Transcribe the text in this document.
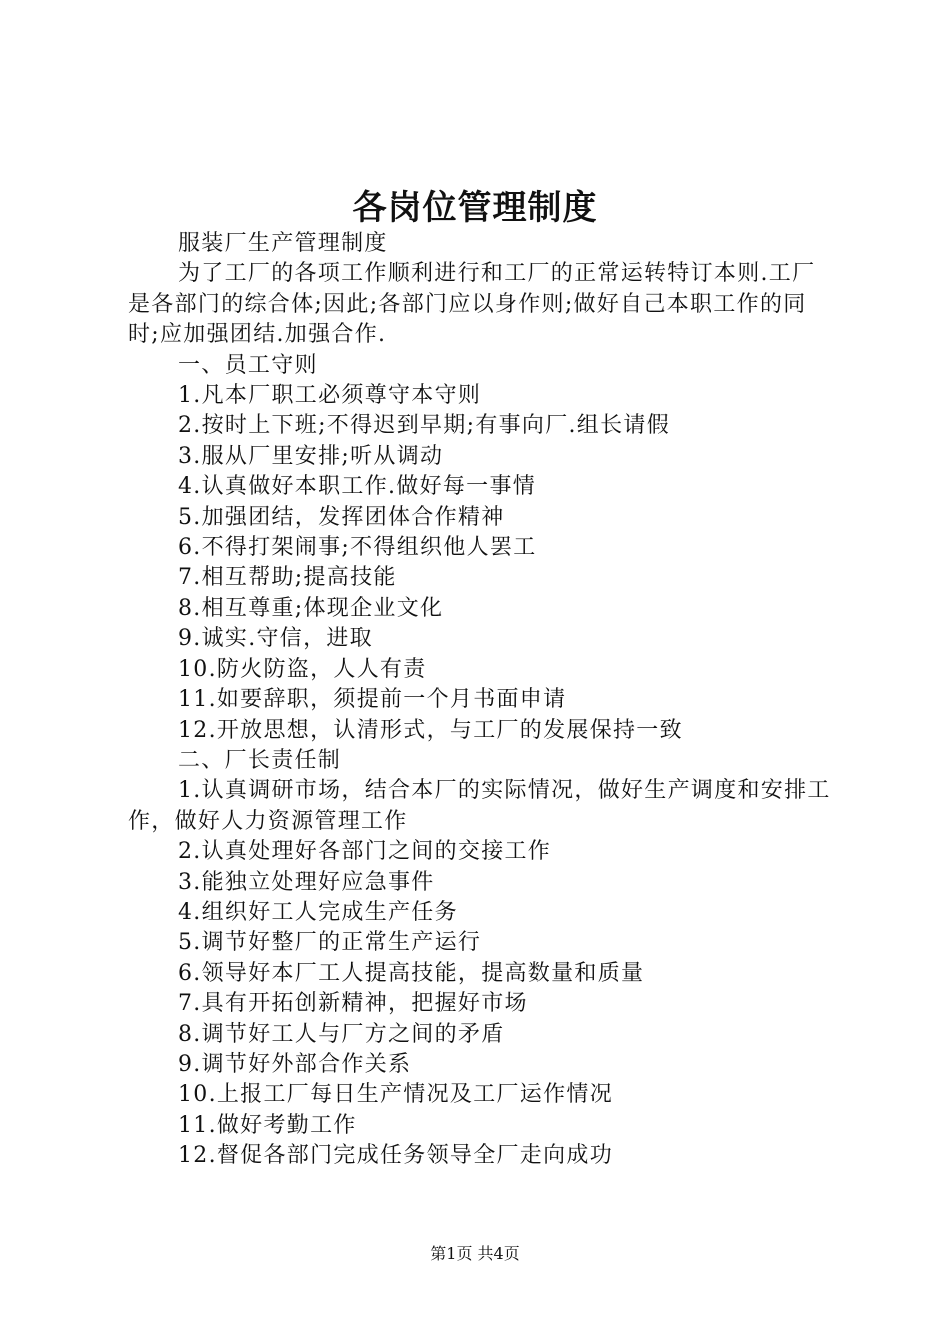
各岗位管理制度

服装厂生产管理制度

为了工厂的各项工作顺利进行和工厂的正常运转特订本则.工厂是各部门的综合体;因此;各部门应以身作则;做好自己本职工作的同时;应加强团结.加强合作.

一、员工守则

1.凡本厂职工必须尊守本守则

2.按时上下班;不得迟到早期;有事向厂.组长请假

3.服从厂里安排;听从调动

4.认真做好本职工作.做好每一事情

5.加强团结，发挥团体合作精神

6.不得打架闹事;不得组织他人罢工

7.相互帮助;提高技能

8.相互尊重;体现企业文化

9.诚实.守信，进取

10.防火防盗，人人有责

11.如要辞职，须提前一个月书面申请

12.开放思想，认清形式，与工厂的发展保持一致

二、厂长责任制

1.认真调研市场，结合本厂的实际情况，做好生产调度和安排工作，做好人力资源管理工作

2.认真处理好各部门之间的交接工作

3.能独立处理好应急事件

4.组织好工人完成生产任务

5.调节好整厂的正常生产运行

6.领导好本厂工人提高技能，提高数量和质量

7.具有开拓创新精神，把握好市场

8.调节好工人与厂方之间的矛盾

9.调节好外部合作关系

10.上报工厂每日生产情况及工厂运作情况

11.做好考勤工作

12.督促各部门完成任务领导全厂走向成功

第1页 共4页
